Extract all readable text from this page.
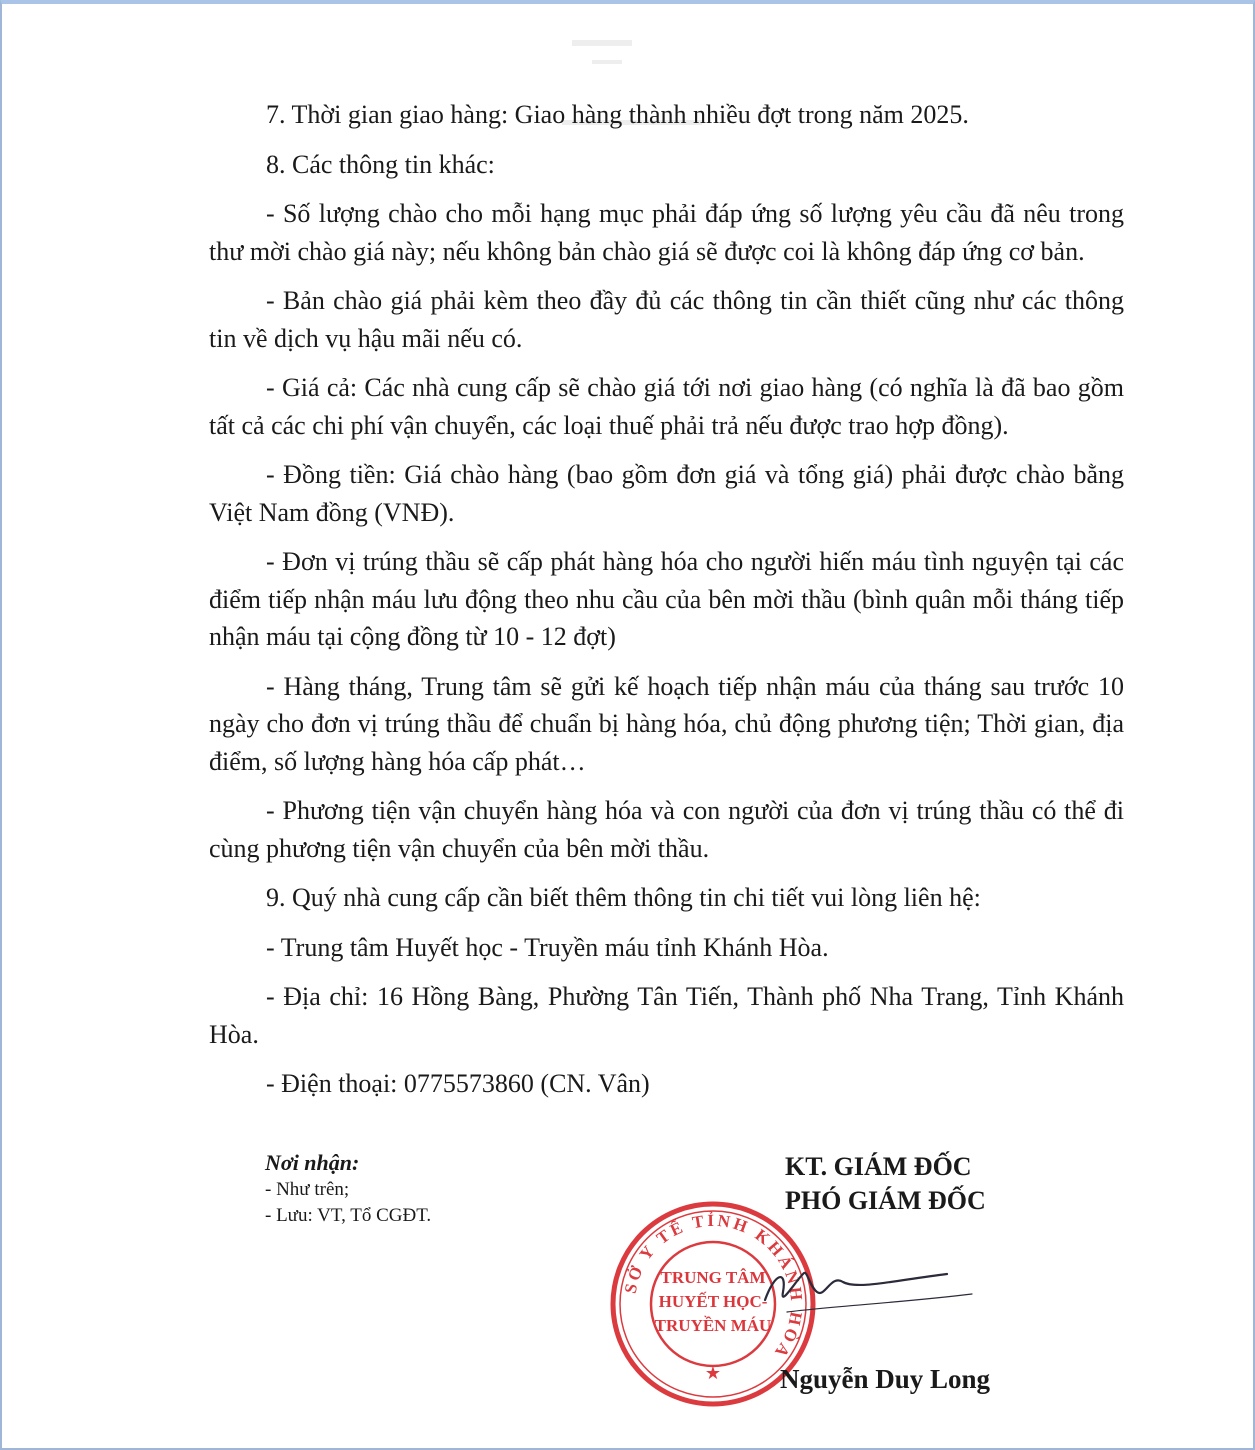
7. Thời gian giao hàng: Giao hàng thành nhiều đợt trong năm 2025.

8. Các thông tin khác:

- Số lượng chào cho mỗi hạng mục phải đáp ứng số lượng yêu cầu đã nêu trong thư mời chào giá này; nếu không bản chào giá sẽ được coi là không đáp ứng cơ bản.

- Bản chào giá phải kèm theo đầy đủ các thông tin cần thiết cũng như các thông tin về dịch vụ hậu mãi nếu có.

- Giá cả: Các nhà cung cấp sẽ chào giá tới nơi giao hàng (có nghĩa là đã bao gồm tất cả các chi phí vận chuyển, các loại thuế phải trả nếu được trao hợp đồng).

- Đồng tiền: Giá chào hàng (bao gồm đơn giá và tổng giá) phải được chào bằng Việt Nam đồng (VNĐ).

- Đơn vị trúng thầu sẽ cấp phát hàng hóa cho người hiến máu tình nguyện tại các điểm tiếp nhận máu lưu động theo nhu cầu của bên mời thầu (bình quân mỗi tháng tiếp nhận máu tại cộng đồng từ 10 - 12 đợt)

- Hàng tháng, Trung tâm sẽ gửi kế hoạch tiếp nhận máu của tháng sau trước 10 ngày cho đơn vị trúng thầu để chuẩn bị hàng hóa, chủ động phương tiện; Thời gian, địa điểm, số lượng hàng hóa cấp phát…

- Phương tiện vận chuyển hàng hóa và con người của đơn vị trúng thầu có thể đi cùng phương tiện vận chuyển của bên mời thầu.

9. Quý nhà cung cấp cần biết thêm thông tin chi tiết vui lòng liên hệ:

- Trung tâm Huyết học - Truyền máu tỉnh Khánh Hòa.

- Địa chỉ: 16 Hồng Bàng, Phường Tân Tiến, Thành phố Nha Trang, Tỉnh Khánh Hòa.

- Điện thoại: 0775573860 (CN. Vân)

Nơi nhận:
- Như trên;
- Lưu: VT, Tổ CGĐT.
KT. GIÁM ĐỐC
PHÓ GIÁM ĐỐC
SỞ Y TẾ TỈNH KHÁNH HÒA
★
TRUNG TÂM
HUYẾT HỌC-
TRUYỀN MÁU
Nguyễn Duy Long
